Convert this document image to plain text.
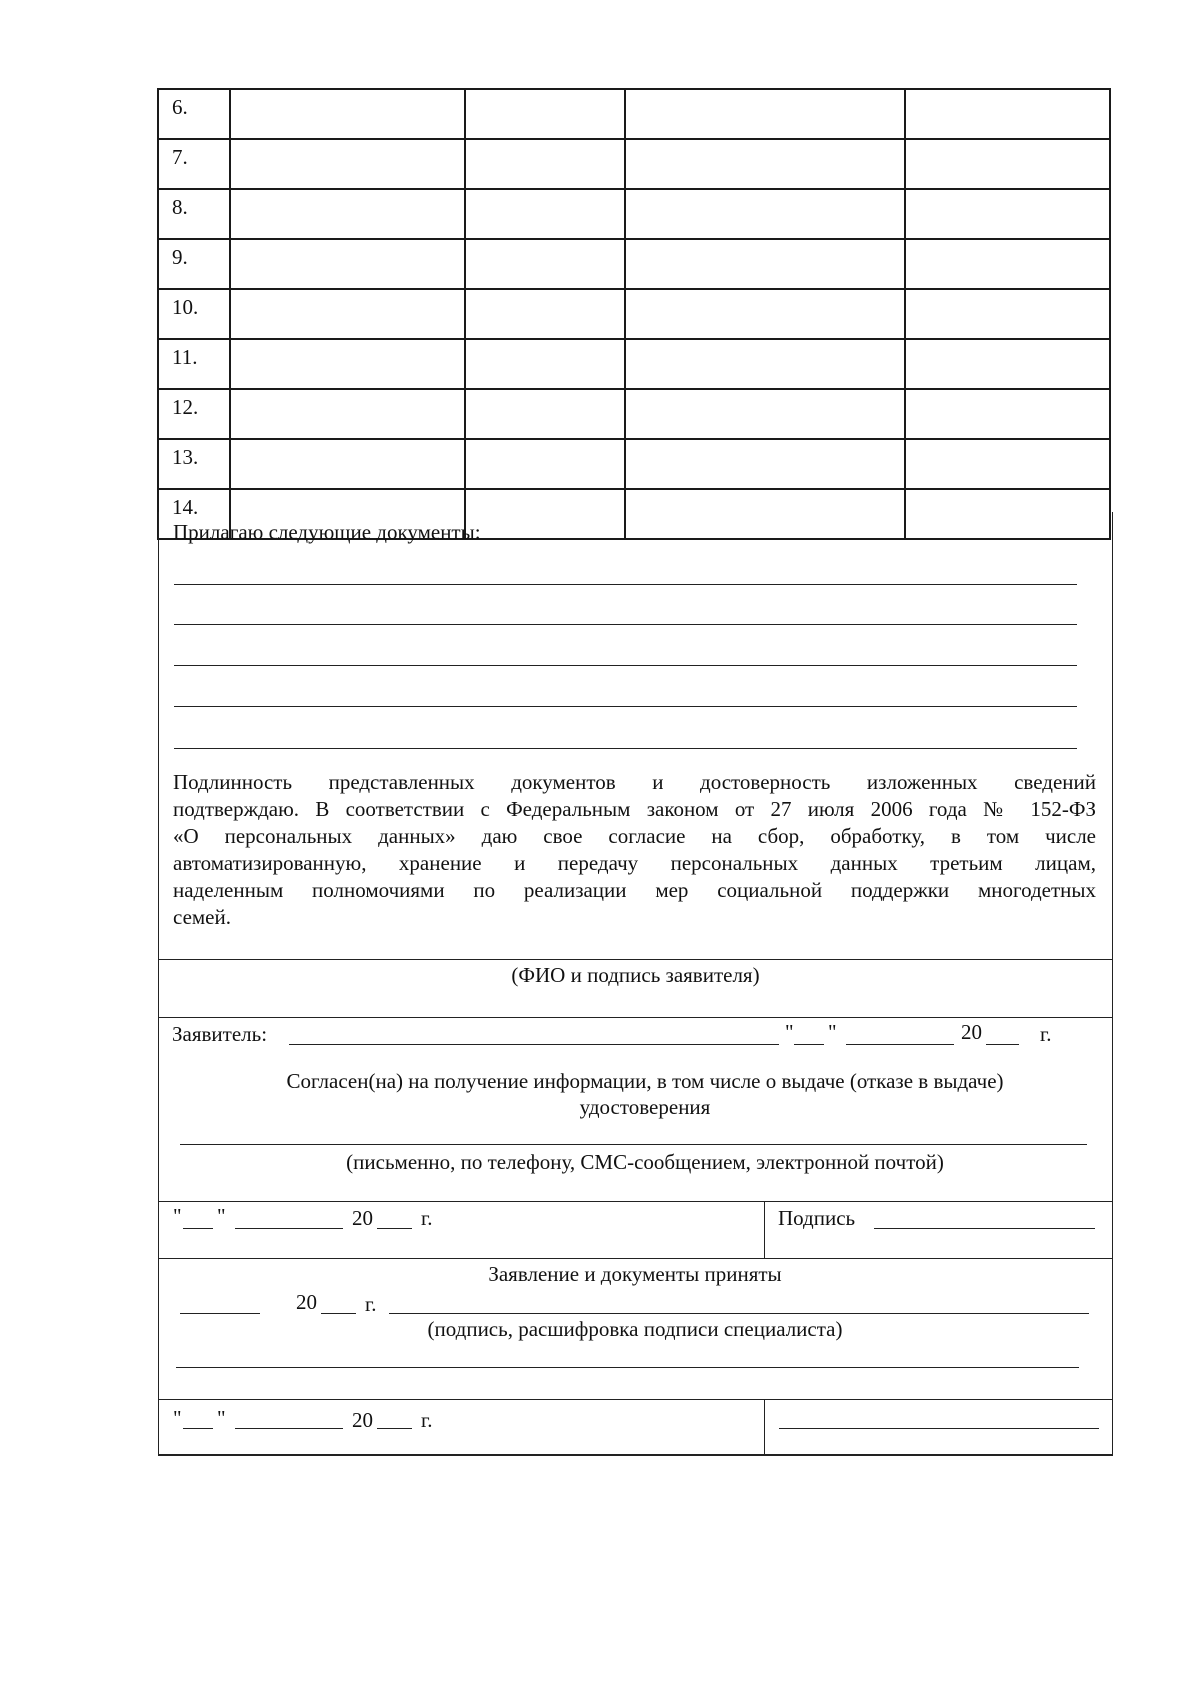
6.				
7.				
8.				
9.				
10.				
11.				
12.				
13.				
14.				
Прилагаю следующие документы:
Подлинность представленных документов и достоверность изложенных сведений
подтверждаю. В соответствии с Федеральным законом от 27 июля 2006 года № 152-ФЗ
«О персональных данных» даю свое согласие на сбор, обработку, в том числе
автоматизированную, хранение и передачу персональных данных третьим лицам,
наделенным полномочиями по реализации мер социальной поддержки многодетных
семей.
(ФИО и подпись заявителя)
Заявитель:	" "	20	г.
Согласен(на) на получение информации, в том числе о выдаче (отказе в выдаче)
удостоверения
(письменно, по телефону, СМС-сообщением, электронной почтой)
" "	20 г.	Подпись
Заявление и документы приняты
20 г.
(подпись, расшифровка подписи специалиста)
" "	20 г.
